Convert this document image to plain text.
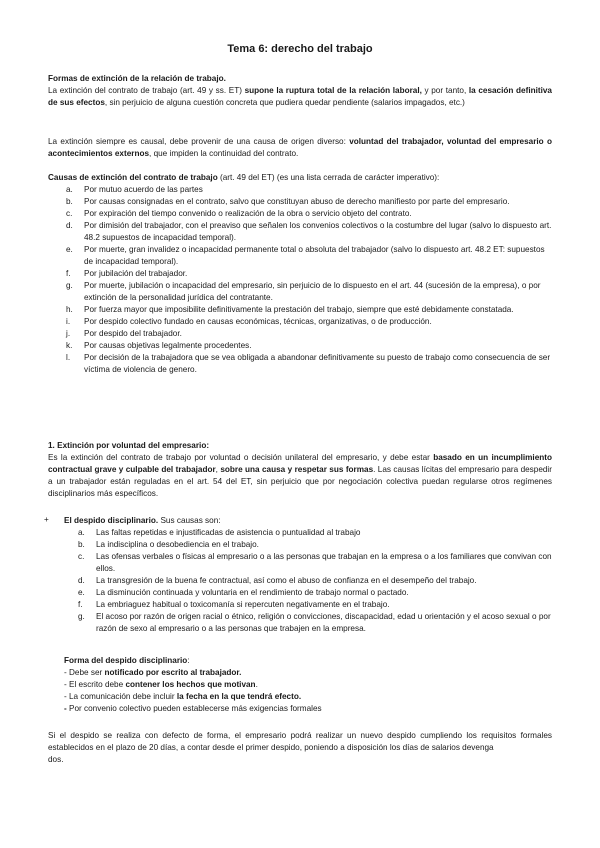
Tema 6: derecho del trabajo

Formas de extinción de la relación de trabajo.

La extinción del contrato de trabajo (art. 49 y ss. ET) supone la ruptura total de la relación laboral, y por tanto, la cesación definitiva de sus efectos, sin perjuicio de alguna cuestión concreta que pudiera quedar pendiente (salarios impagados, etc.)

La extinción siempre es causal, debe provenir de una causa de origen diverso: voluntad del trabajador, voluntad del empresario o acontecimientos externos, que impiden la continuidad del contrato.

Causas de extinción del contrato de trabajo (art. 49 del ET) (es una lista cerrada de carácter imperativo):

a. Por mutuo acuerdo de las partes
b. Por causas consignadas en el contrato, salvo que constituyan abuso de derecho manifiesto por parte del empresario.
c. Por expiración del tiempo convenido o realización de la obra o servicio objeto del contrato.
d. Por dimisión del trabajador, con el preaviso que señalen los convenios colectivos o la costumbre del lugar (salvo lo dispuesto art. 48.2 supuestos de incapacidad temporal).
e. Por muerte, gran invalidez o incapacidad permanente total o absoluta del trabajador (salvo lo dispuesto art. 48.2 ET: supuestos de incapacidad temporal).
f. Por jubilación del trabajador.
g. Por muerte, jubilación o incapacidad del empresario, sin perjuicio de lo dispuesto en el art. 44 (sucesión de la empresa), o por extinción de la personalidad jurídica del contratante.
h. Por fuerza mayor que imposibilite definitivamente la prestación del trabajo, siempre que esté debidamente constatada.
i. Por despido colectivo fundado en causas económicas, técnicas, organizativas, o de producción.
j. Por despido del trabajador.
k. Por causas objetivas legalmente procedentes.
l. Por decisión de la trabajadora que se vea obligada a abandonar definitivamente su puesto de trabajo como consecuencia de ser víctima de violencia de genero.

1. Extinción por voluntad del empresario:

Es la extinción del contrato de trabajo por voluntad o decisión unilateral del empresario, y debe estar basado en un incumplimiento contractual grave y culpable del trabajador, sobre una causa y respetar sus formas. Las causas lícitas del empresario para despedir a un trabajador están reguladas en el art. 54 del ET, sin perjuicio que por negociación colectiva puedan regularse otros regímenes disciplinarios más específicos.

+ El despido disciplinario. Sus causas son:

a. Las faltas repetidas e injustificadas de asistencia o puntualidad al trabajo
b. La indisciplina o desobediencia en el trabajo.
c. Las ofensas verbales o físicas al empresario o a las personas que trabajan en la empresa o a los familiares que convivan con ellos.
d. La transgresión de la buena fe contractual, así como el abuso de confianza en el desempeño del trabajo.
e. La disminución continuada y voluntaria en el rendimiento de trabajo normal o pactado.
f. La embriaguez habitual o toxicomanía si repercuten negativamente en el trabajo.
g. El acoso por razón de origen racial o étnico, religión o convicciones, discapacidad, edad u orientación y el acoso sexual o por razón de sexo al empresario o a las personas que trabajen en la empresa.

Forma del despido disciplinario:

- Debe ser notificado por escrito al trabajador.

- El escrito debe contener los hechos que motivan.

- La comunicación debe incluir la fecha en la que tendrá efecto.

- Por convenio colectivo pueden establecerse más exigencias formales

Si el despido se realiza con defecto de forma, el empresario podrá realizar un nuevo despido cumpliendo los requisitos formales establecidos en el plazo de 20 días, a contar desde el primer despido, poniendo a disposición los días de salarios devenga

dos.
